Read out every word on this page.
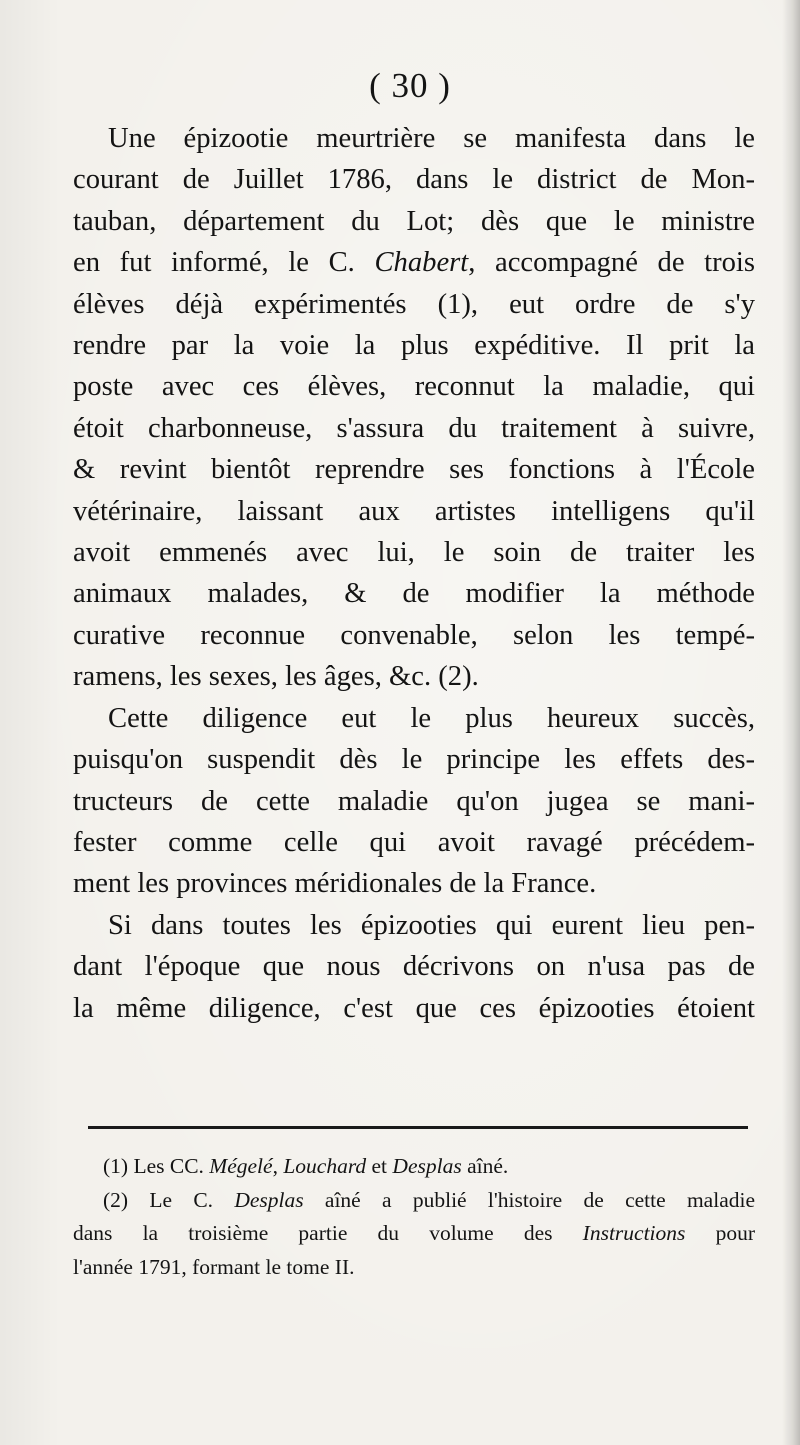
( 30 )

Une épizootie meurtrière se manifesta dans le
courant de Juillet 1786, dans le district de Mon-
tauban, département du Lot; dès que le ministre
en fut informé, le C. Chabert, accompagné de trois
élèves déjà expérimentés (1), eut ordre de s'y
rendre par la voie la plus expéditive. Il prit la
poste avec ces élèves, reconnut la maladie, qui
étoit charbonneuse, s'assura du traitement à suivre,
& revint bientôt reprendre ses fonctions à l'École
vétérinaire, laissant aux artistes intelligens qu'il
avoit emmenés avec lui, le soin de traiter les
animaux malades, & de modifier la méthode
curative reconnue convenable, selon les tempé-
ramens, les sexes, les âges, &c. (2).

Cette diligence eut le plus heureux succès,
puisqu'on suspendit dès le principe les effets des-
tructeurs de cette maladie qu'on jugea se mani-
fester comme celle qui avoit ravagé précédem-
ment les provinces méridionales de la France.

Si dans toutes les épizooties qui eurent lieu pen-
dant l'époque que nous décrivons on n'usa pas de
la même diligence, c'est que ces épizooties étoient

(1) Les CC. Mégelé, Louchard et Desplas aîné.
(2) Le C. Desplas aîné a publié l'histoire de cette maladie
dans la troisième partie du volume des Instructions pour
l'année 1791, formant le tome II.
